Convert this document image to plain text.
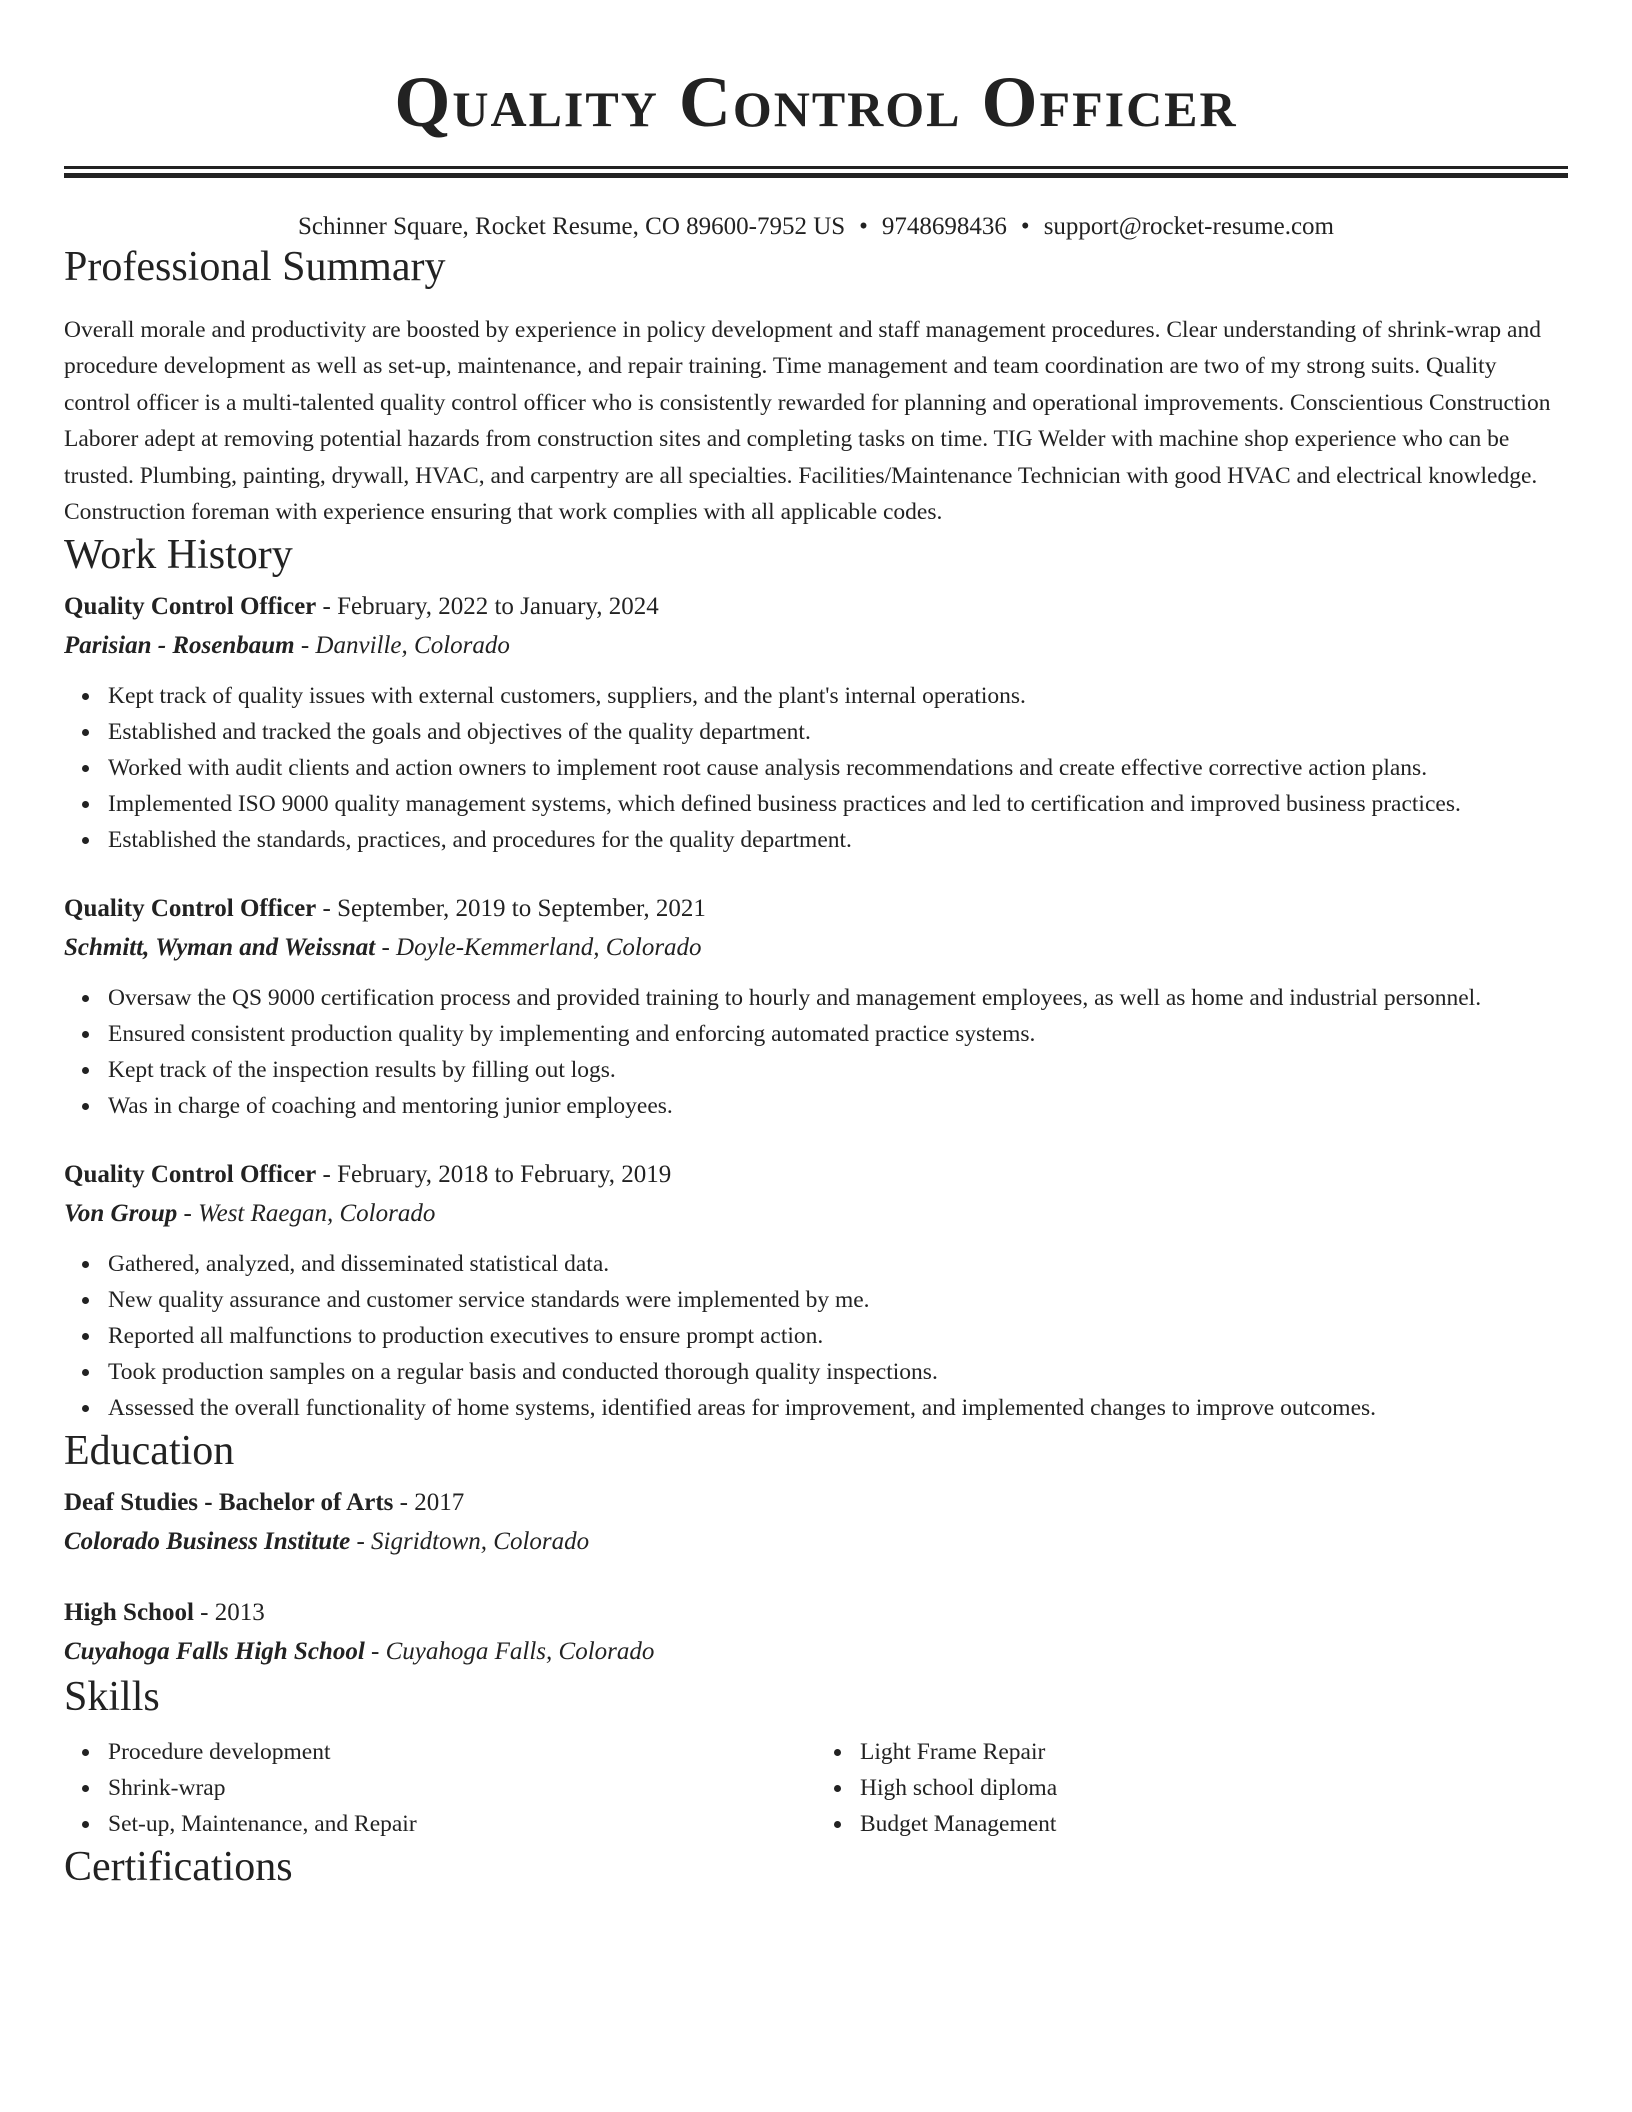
Quality Control Officer
Schinner Square, Rocket Resume, CO 89600-7952 US • 9748698436 • support@rocket-resume.com
Professional Summary

Overall morale and productivity are boosted by experience in policy development and staff management procedures. Clear understanding of shrink-wrap and procedure development as well as set-up, maintenance, and repair training. Time management and team coordination are two of my strong suits. Quality control officer is a multi-talented quality control officer who is consistently rewarded for planning and operational improvements. Conscientious Construction Laborer adept at removing potential hazards from construction sites and completing tasks on time. TIG Welder with machine shop experience who can be trusted. Plumbing, painting, drywall, HVAC, and carpentry are all specialties. Facilities/Maintenance Technician with good HVAC and electrical knowledge. Construction foreman with experience ensuring that work complies with all applicable codes.

Work History
Quality Control Officer - February, 2022 to January, 2024
Parisian - Rosenbaum - Danville, Colorado
Kept track of quality issues with external customers, suppliers, and the plant's internal operations.
Established and tracked the goals and objectives of the quality department.
Worked with audit clients and action owners to implement root cause analysis recommendations and create effective corrective action plans.
Implemented ISO 9000 quality management systems, which defined business practices and led to certification and improved business practices.
Established the standards, practices, and procedures for the quality department.
Quality Control Officer - September, 2019 to September, 2021
Schmitt, Wyman and Weissnat - Doyle-Kemmerland, Colorado
Oversaw the QS 9000 certification process and provided training to hourly and management employees, as well as home and industrial personnel.
Ensured consistent production quality by implementing and enforcing automated practice systems.
Kept track of the inspection results by filling out logs.
Was in charge of coaching and mentoring junior employees.
Quality Control Officer - February, 2018 to February, 2019
Von Group - West Raegan, Colorado
Gathered, analyzed, and disseminated statistical data.
New quality assurance and customer service standards were implemented by me.
Reported all malfunctions to production executives to ensure prompt action.
Took production samples on a regular basis and conducted thorough quality inspections.
Assessed the overall functionality of home systems, identified areas for improvement, and implemented changes to improve outcomes.
Education
Deaf Studies - Bachelor of Arts - 2017
Colorado Business Institute - Sigridtown, Colorado
High School - 2013
Cuyahoga Falls High School - Cuyahoga Falls, Colorado
Skills
Procedure development
Shrink-wrap
Set-up, Maintenance, and Repair
Light Frame Repair
High school diploma
Budget Management
Certifications
